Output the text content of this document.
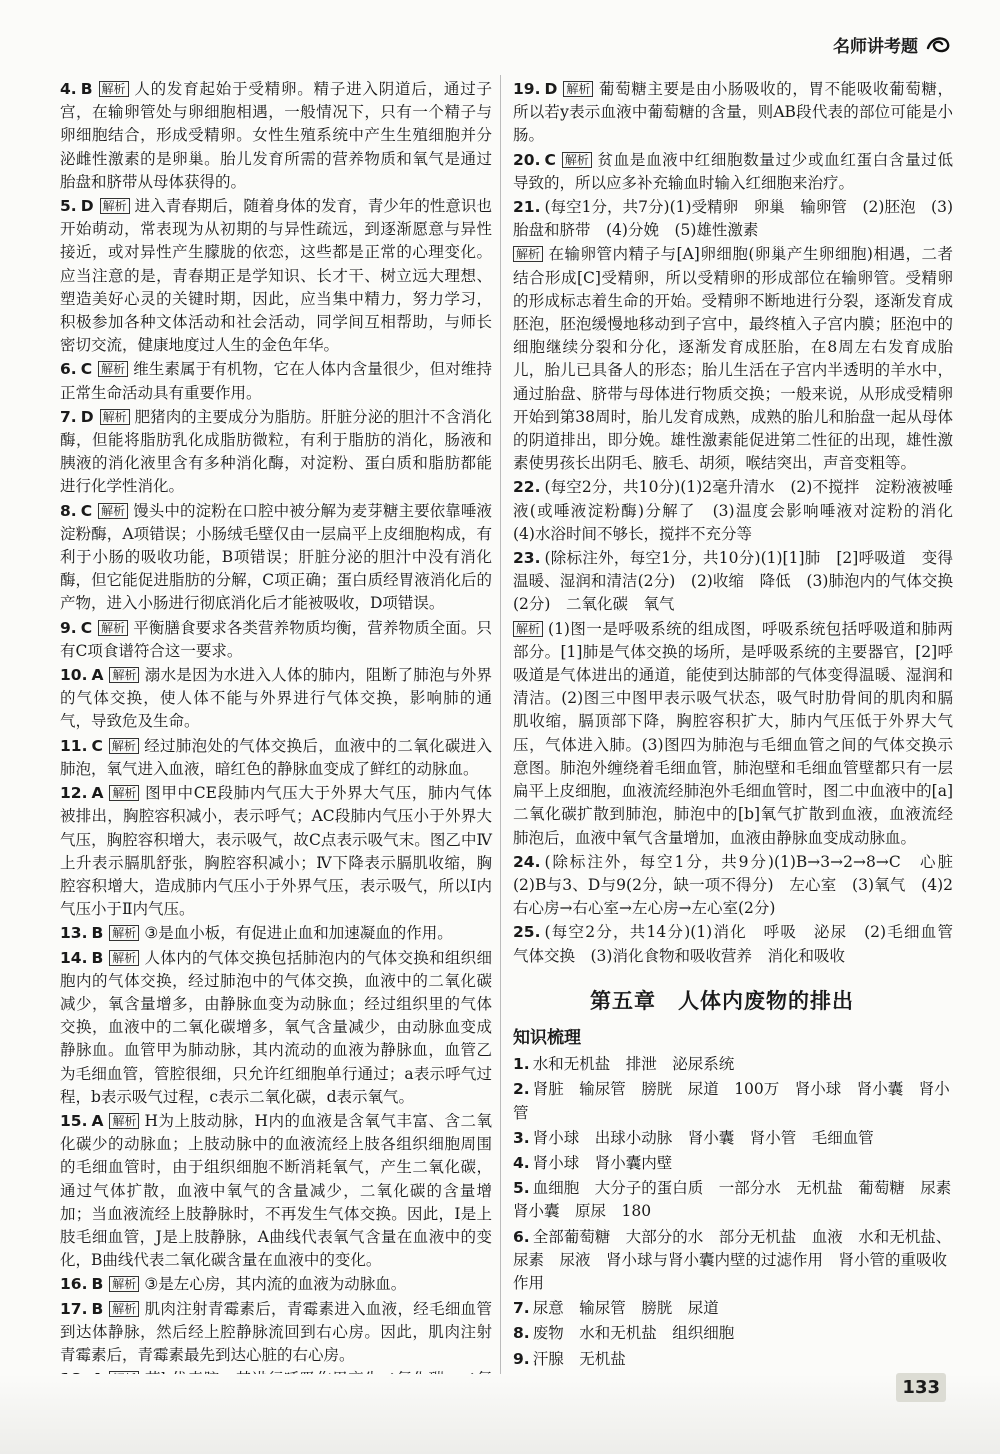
名师讲考题
4. B 解析 人的发育起始于受精卵。精子进入阴道后，通过子宫，在输卵管处与卵细胞相遇，一般情况下，只有一个精子与卵细胞结合，形成受精卵。女性生殖系统中产生生殖细胞并分泌雌性激素的是卵巢。胎儿发育所需的营养物质和氧气是通过胎盘和脐带从母体获得的。
5. D 解析 进入青春期后，随着身体的发育，青少年的性意识也开始萌动，常表现为从初期的与异性疏远，到逐渐愿意与异性接近，或对异性产生朦胧的依恋，这些都是正常的心理变化。应当注意的是，青春期正是学知识、长才干、树立远大理想、塑造美好心灵的关键时期，因此，应当集中精力，努力学习，积极参加各种文体活动和社会活动，同学间互相帮助，与师长密切交流，健康地度过人生的金色年华。
6. C 解析 维生素属于有机物，它在人体内含量很少，但对维持正常生命活动具有重要作用。
7. D 解析 肥猪肉的主要成分为脂肪。肝脏分泌的胆汁不含消化酶，但能将脂肪乳化成脂肪微粒，有利于脂肪的消化，肠液和胰液的消化液里含有多种消化酶，对淀粉、蛋白质和脂肪都能进行化学性消化。
8. C 解析 馒头中的淀粉在口腔中被分解为麦芽糖主要依靠唾液淀粉酶，A项错误；小肠绒毛壁仅由一层扁平上皮细胞构成，有利于小肠的吸收功能，B项错误；肝脏分泌的胆汁中没有消化酶，但它能促进脂肪的分解，C项正确；蛋白质经胃液消化后的产物，进入小肠进行彻底消化后才能被吸收，D项错误。
9. C 解析 平衡膳食要求各类营养物质均衡，营养物质全面。只有C项食谱符合这一要求。
10. A 解析 溺水是因为水进入人体的肺内，阻断了肺泡与外界的气体交换，使人体不能与外界进行气体交换，影响肺的通气，导致危及生命。
11. C 解析 经过肺泡处的气体交换后，血液中的二氧化碳进入肺泡，氧气进入血液，暗红色的静脉血变成了鲜红的动脉血。
12. A 解析 图甲中CE段肺内气压大于外界大气压，肺内气体被排出，胸腔容积减小，表示呼气；AC段肺内气压小于外界大气压，胸腔容积增大，表示吸气，故C点表示吸气末。图乙中Ⅳ上升表示膈肌舒张，胸腔容积减小；Ⅳ下降表示膈肌收缩，胸腔容积增大，造成肺内气压小于外界气压，表示吸气，所以Ⅰ内气压小于Ⅱ内气压。
13. B 解析 ③是血小板，有促进止血和加速凝血的作用。
14. B 解析 人体内的气体交换包括肺泡内的气体交换和组织细胞内的气体交换，经过肺泡中的气体交换，血液中的二氧化碳减少，氧含量增多，由静脉血变为动脉血；经过组织里的气体交换，血液中的二氧化碳增多，氧气含量减少，由动脉血变成静脉血。血管甲为肺动脉，其内流动的血液为静脉血，血管乙为毛细血管，管腔很细，只允许红细胞单行通过；a表示呼气过程，b表示吸气过程，c表示二氧化碳，d表示氧气。
15. A 解析 H为上肢动脉，H内的血液是含氧气丰富、含二氧化碳少的动脉血；上肢动脉中的血液流经上肢各组织细胞周围的毛细血管时，由于组织细胞不断消耗氧气，产生二氧化碳，通过气体扩散，血液中氧气的含量减少，二氧化碳的含量增加；当血液流经上肢静脉时，不再发生气体交换。因此，I是上肢毛细血管，J是上肢静脉，A曲线代表氧气含量在血液中的变化，B曲线代表二氧化碳含量在血液中的变化。
16. B 解析 ③是左心房，其内流的血液为动脉血。
17. B 解析 肌肉注射青霉素后，青霉素进入血液，经毛细血管到达体静脉，然后经上腔静脉流回到右心房。因此，肌肉注射青霉素后，青霉素最先到达心脏的右心房。
19. D 解析 葡萄糖主要是由小肠吸收的，胃不能吸收葡萄糖，所以若y表示血液中葡萄糖的含量，则AB段代表的部位可能是小肠。
20. C 解析 贫血是血液中红细胞数量过少或血红蛋白含量过低导致的，所以应多补充输血时输入红细胞来治疗。
21. (每空1分，共7分)(1)受精卵　卵巢　输卵管　(2)胚泡　(3)胎盘和脐带　(4)分娩　(5)雄性激素
解析 在输卵管内精子与[A]卵细胞(卵巢产生卵细胞)相遇，二者结合形成[C]受精卵，所以受精卵的形成部位在输卵管。受精卵的形成标志着生命的开始。受精卵不断地进行分裂，逐渐发育成胚泡，胚泡缓慢地移动到子宫中，最终植入子宫内膜；胚泡中的细胞继续分裂和分化，逐渐发育成胚胎，在8周左右发育成胎儿，胎儿已具备人的形态；胎儿生活在子宫内半透明的羊水中，通过胎盘、脐带与母体进行物质交换；一般来说，从形成受精卵开始到第38周时，胎儿发育成熟，成熟的胎儿和胎盘一起从母体的阴道排出，即分娩。雄性激素能促进第二性征的出现，雄性激素使男孩长出阴毛、腋毛、胡须，喉结突出，声音变粗等。
22. (每空2分，共10分)(1)2毫升清水　(2)不搅拌　淀粉液被唾液(或唾液淀粉酶)分解了　(3)温度会影响唾液对淀粉的消化　(4)水浴时间不够长，搅拌不充分等
23. (除标注外，每空1分，共10分)(1)[1]肺　[2]呼吸道　变得温暖、湿润和清洁(2分)　(2)收缩　降低　(3)肺泡内的气体交换(2分)　二氧化碳　氧气
解析 (1)图一是呼吸系统的组成图，呼吸系统包括呼吸道和肺两部分。[1]肺是气体交换的场所，是呼吸系统的主要器官，[2]呼吸道是气体进出的通道，能使到达肺部的气体变得温暖、湿润和清洁。(2)图三中图甲表示吸气状态，吸气时肋骨间的肌肉和膈肌收缩，膈顶部下降，胸腔容积扩大，肺内气压低于外界大气压，气体进入肺。(3)图四为肺泡与毛细血管之间的气体交换示意图。肺泡外缠绕着毛细血管，肺泡壁和毛细血管壁都只有一层扁平上皮细胞，血液流经肺泡外毛细血管时，图二中血液中的[a]二氧化碳扩散到肺泡，肺泡中的[b]氧气扩散到血液，血液流经肺泡后，血液中氧气含量增加，血液由静脉血变成动脉血。
24. (除标注外，每空1分，共9分)(1)B→3→2→8→C　心脏　(2)B与3、D与9(2分，缺一项不得分)　左心室　(3)氧气　(4)2　右心房→右心室→左心房→左心室(2分)
25. (每空2分，共14分)(1)消化　呼吸　泌尿　(2)毛细血管　气体交换　(3)消化食物和吸收营养　消化和吸收
第五章 人体内废物的排出
知识梳理
1. 水和无机盐　排泄　泌尿系统
2. 肾脏　输尿管　膀胱　尿道　100万　肾小球　肾小囊　肾小管
3. 肾小球　出球小动脉　肾小囊　肾小管　毛细血管
4. 肾小球　肾小囊内壁
5. 血细胞　大分子的蛋白质　一部分水　无机盐　葡萄糖　尿素　肾小囊　原尿　180
6. 全部葡萄糖　大部分的水　部分无机盐　血液　水和无机盐、尿素　尿液　肾小球与肾小囊内壁的过滤作用　肾小管的重吸收作用
7. 尿意　输尿管　膀胱　尿道
8. 废物　水和无机盐　组织细胞
9. 汗腺　无机盐
133
